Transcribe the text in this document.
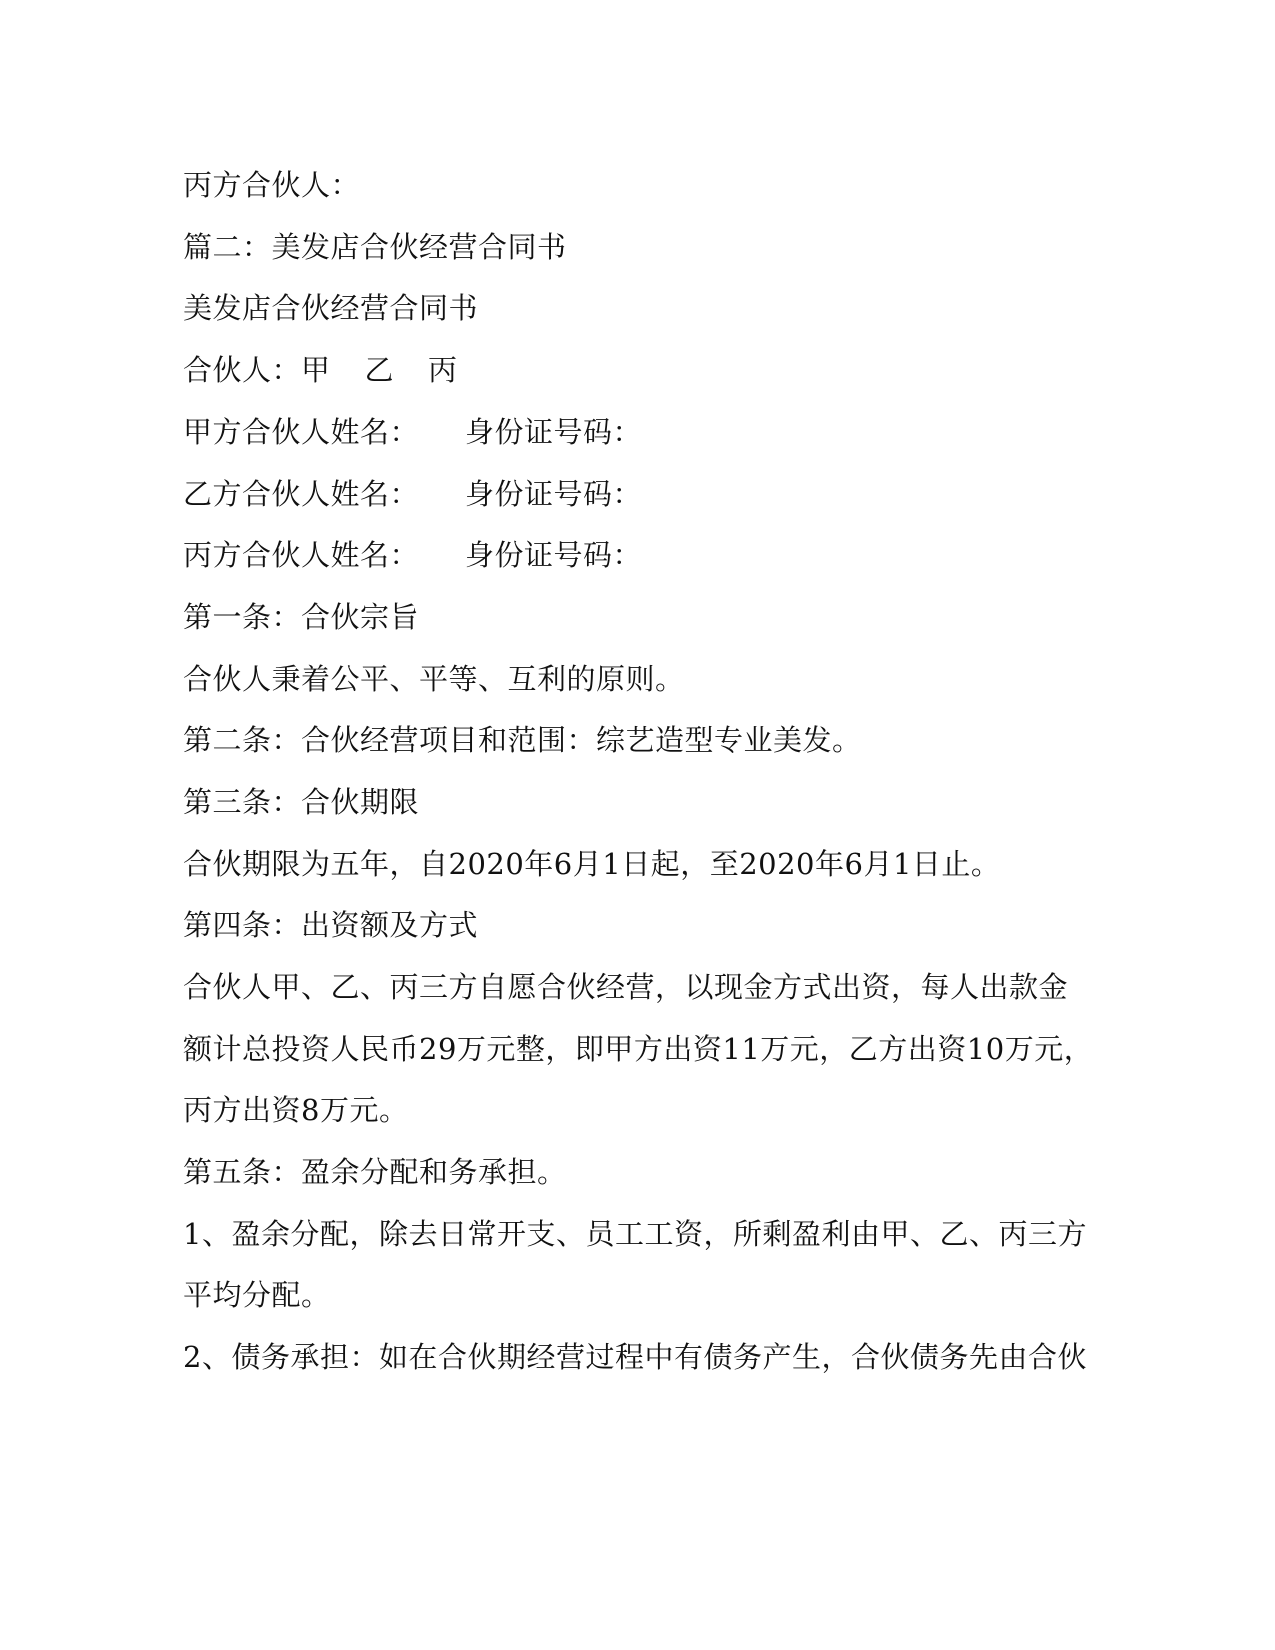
丙方合伙人：
篇二：美发店合伙经营合同书
美发店合伙经营合同书
合伙人：甲 乙 丙
甲方合伙人姓名： 身份证号码：
乙方合伙人姓名： 身份证号码：
丙方合伙人姓名： 身份证号码：
第一条：合伙宗旨
合伙人秉着公平、平等、互利的原则。
第二条：合伙经营项目和范围：综艺造型专业美发。
第三条：合伙期限
合伙期限为五年，自2020年6月1日起，至2020年6月1日止。
第四条：出资额及方式
合伙人甲、乙、丙三方自愿合伙经营，以现金方式出资，每人出款金
额计总投资人民币29万元整，即甲方出资11万元，乙方出资10万元，
丙方出资8万元。
第五条：盈余分配和务承担。
1、盈余分配，除去日常开支、员工工资，所剩盈利由甲、乙、丙三方
平均分配。
2、债务承担：如在合伙期经营过程中有债务产生，合伙债务先由合伙
